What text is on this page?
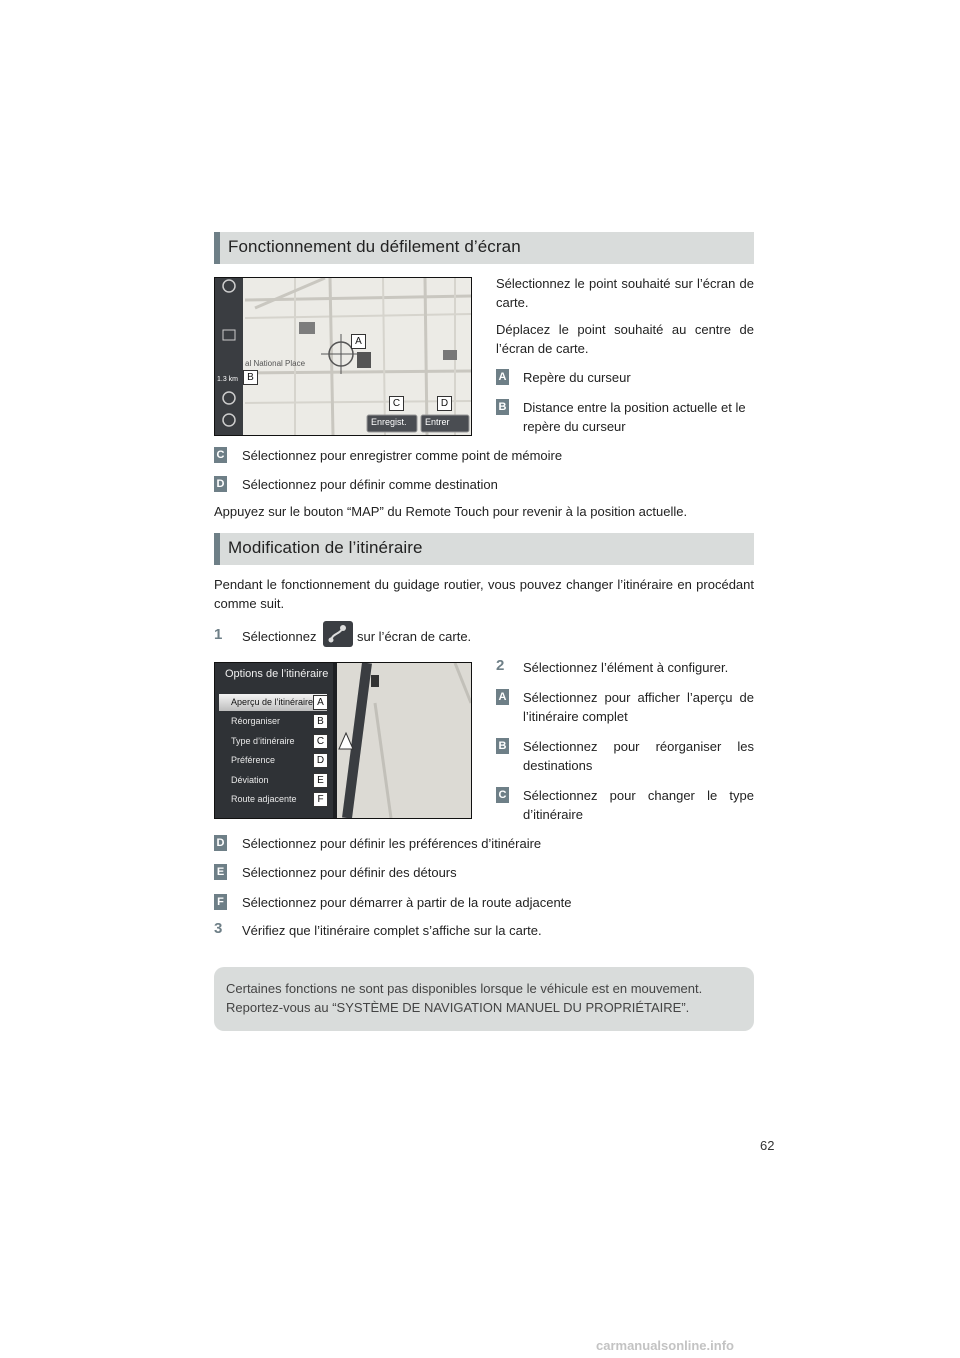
Fonctionnement du défilement d’écran
1.3 km
al National Place
Enregist. Entrer
A
B
C	D
Sélectionnez le point souhaité sur l’écran de carte.
Déplacez le point souhaité au centre de l’écran de carte.
A Repère du curseur
B Distance entre la position actuelle et le repère du curseur
C Sélectionnez pour enregistrer comme point de mémoire
D Sélectionnez pour définir comme destination
Appuyez sur le bouton “MAP” du Remote Touch pour revenir à la position actuelle.
Modification de l’itinéraire
Pendant le fonctionnement du guidage routier, vous pouvez changer l’itinéraire en procédant comme suit.
1 Sélectionnez	sur l’écran de carte.
Options de l’itinéraire
Aperçu de l’itinéraire
Réorganiser
Type d’itinéraire
Préférence
Déviation
Route adjacente
A
B
C
D
E
F
2 Sélectionnez l’élément à configurer.
A Sélectionnez pour afficher l’aperçu de l’itinéraire complet
B Sélectionnez pour réorganiser les destinations
C Sélectionnez pour changer le type d’itinéraire
D Sélectionnez pour définir les préférences d’itinéraire
E Sélectionnez pour définir des détours
F Sélectionnez pour démarrer à partir de la route adjacente
3 Vérifiez que l’itinéraire complet s’affiche sur la carte.
Certaines fonctions ne sont pas disponibles lorsque le véhicule est en mouvement. Reportez-vous au “SYSTÈME DE NAVIGATION MANUEL DU PROPRIÉTAIRE”.
62
carmanualsonline.info
